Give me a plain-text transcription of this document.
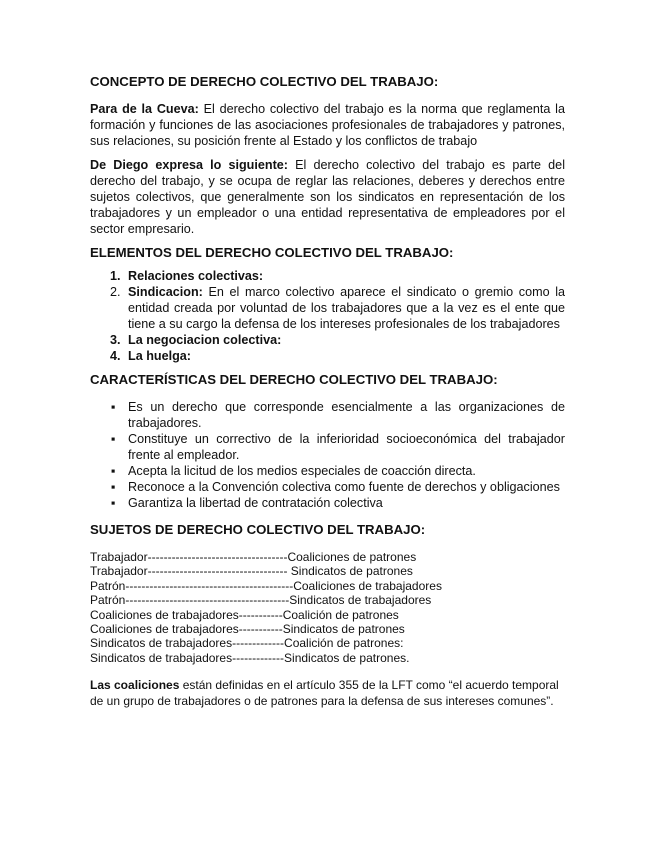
CONCEPTO DE DERECHO COLECTIVO DEL TRABAJO:

Para de la Cueva: El derecho colectivo del trabajo es la norma que reglamenta la formación y funciones de las asociaciones profesionales de trabajadores y patrones, sus relaciones, su posición frente al Estado y los conflictos de trabajo

De Diego expresa lo siguiente: El derecho colectivo del trabajo es parte del derecho del trabajo, y se ocupa de reglar las relaciones, deberes y derechos entre sujetos colectivos, que generalmente son los sindicatos en representación de los trabajadores y un empleador o una entidad representativa de empleadores por el sector empresario.

ELEMENTOS DEL DERECHO COLECTIVO DEL TRABAJO:
1. Relaciones colectivas:
2. Sindicacion: En el marco colectivo aparece el sindicato o gremio como la entidad creada por voluntad de los trabajadores que a la vez es el ente que tiene a su cargo la defensa de los intereses profesionales de los trabajadores
3. La negociacion colectiva:
4. La huelga:
CARACTERÍSTICAS DEL DERECHO COLECTIVO DEL TRABAJO:
▪ Es un derecho que corresponde esencialmente a las organizaciones de trabajadores.
▪ Constituye un correctivo de la inferioridad socioeconómica del trabajador frente al empleador.
▪ Acepta la licitud de los medios especiales de coacción directa.
▪ Reconoce a la Convención colectiva como fuente de derechos y obligaciones
▪ Garantiza la libertad de contratación colectiva
SUJETOS DE DERECHO COLECTIVO DEL TRABAJO:
Trabajador-----------------------------------Coaliciones de patrones
Trabajador----------------------------------- Sindicatos de patrones
Patrón------------------------------------------Coaliciones de trabajadores
Patrón-----------------------------------------Sindicatos de trabajadores
Coaliciones de trabajadores-----------Coalición de patrones
Coaliciones de trabajadores-----------Sindicatos de patrones
Sindicatos de trabajadores-------------Coalición de patrones:
Sindicatos de trabajadores-------------Sindicatos de patrones.

Las coaliciones están definidas en el artículo 355 de la LFT como “el acuerdo temporal de un grupo de trabajadores o de patrones para la defensa de sus intereses comunes”.
